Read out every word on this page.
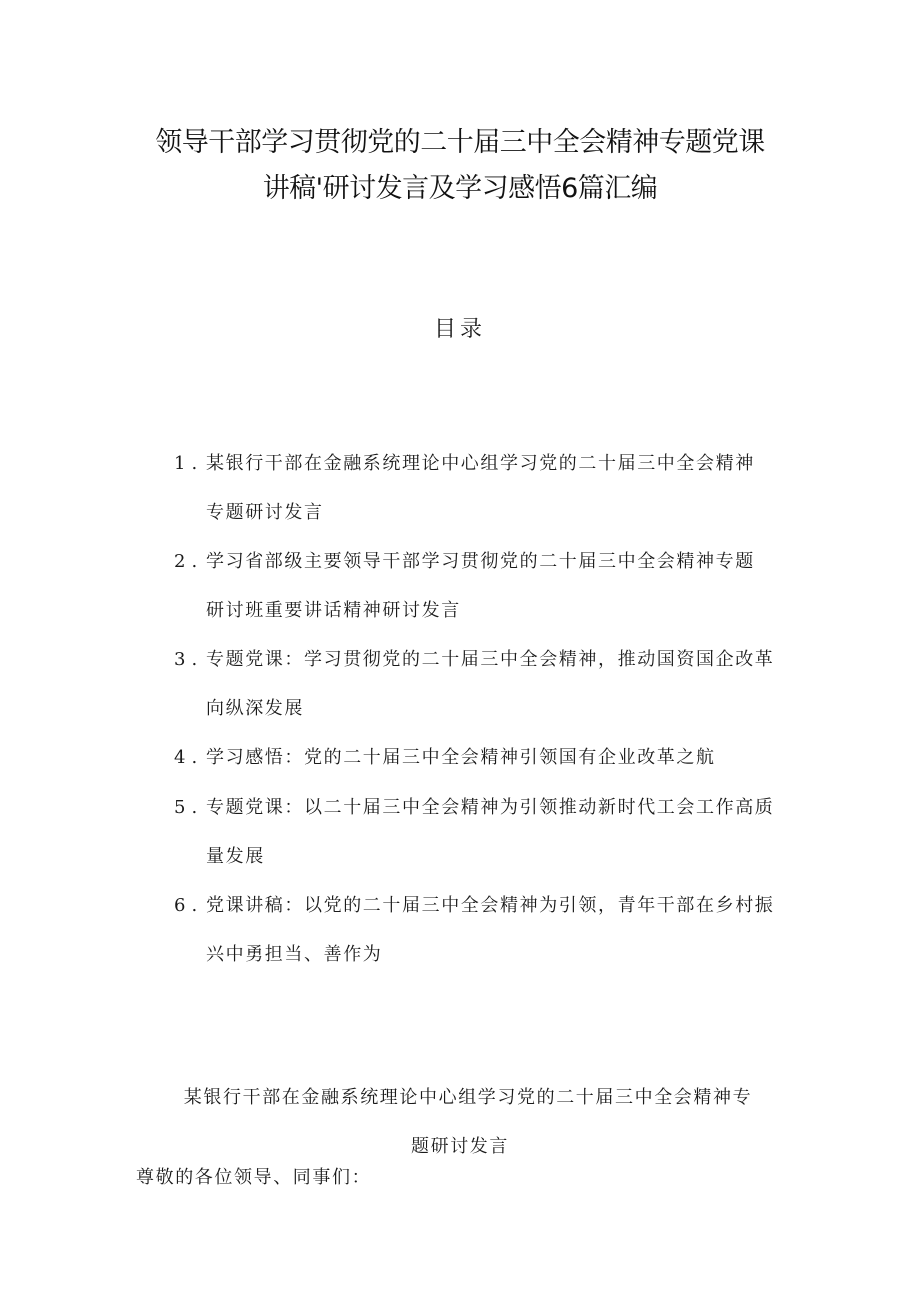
领导干部学习贯彻党的二十届三中全会精神专题党课
讲稿'研讨发言及学习感悟6篇汇编
目录
1. 某银行干部在金融系统理论中心组学习党的二十届三中全会精神
专题研讨发言
2. 学习省部级主要领导干部学习贯彻党的二十届三中全会精神专题
研讨班重要讲话精神研讨发言
3. 专题党课：学习贯彻党的二十届三中全会精神，推动国资国企改革
向纵深发展
4. 学习感悟：党的二十届三中全会精神引领国有企业改革之航
5. 专题党课：以二十届三中全会精神为引领推动新时代工会工作高质
量发展
6. 党课讲稿：以党的二十届三中全会精神为引领，青年干部在乡村振
兴中勇担当、善作为
某银行干部在金融系统理论中心组学习党的二十届三中全会精神专
题研讨发言
尊敬的各位领导、同事们：
